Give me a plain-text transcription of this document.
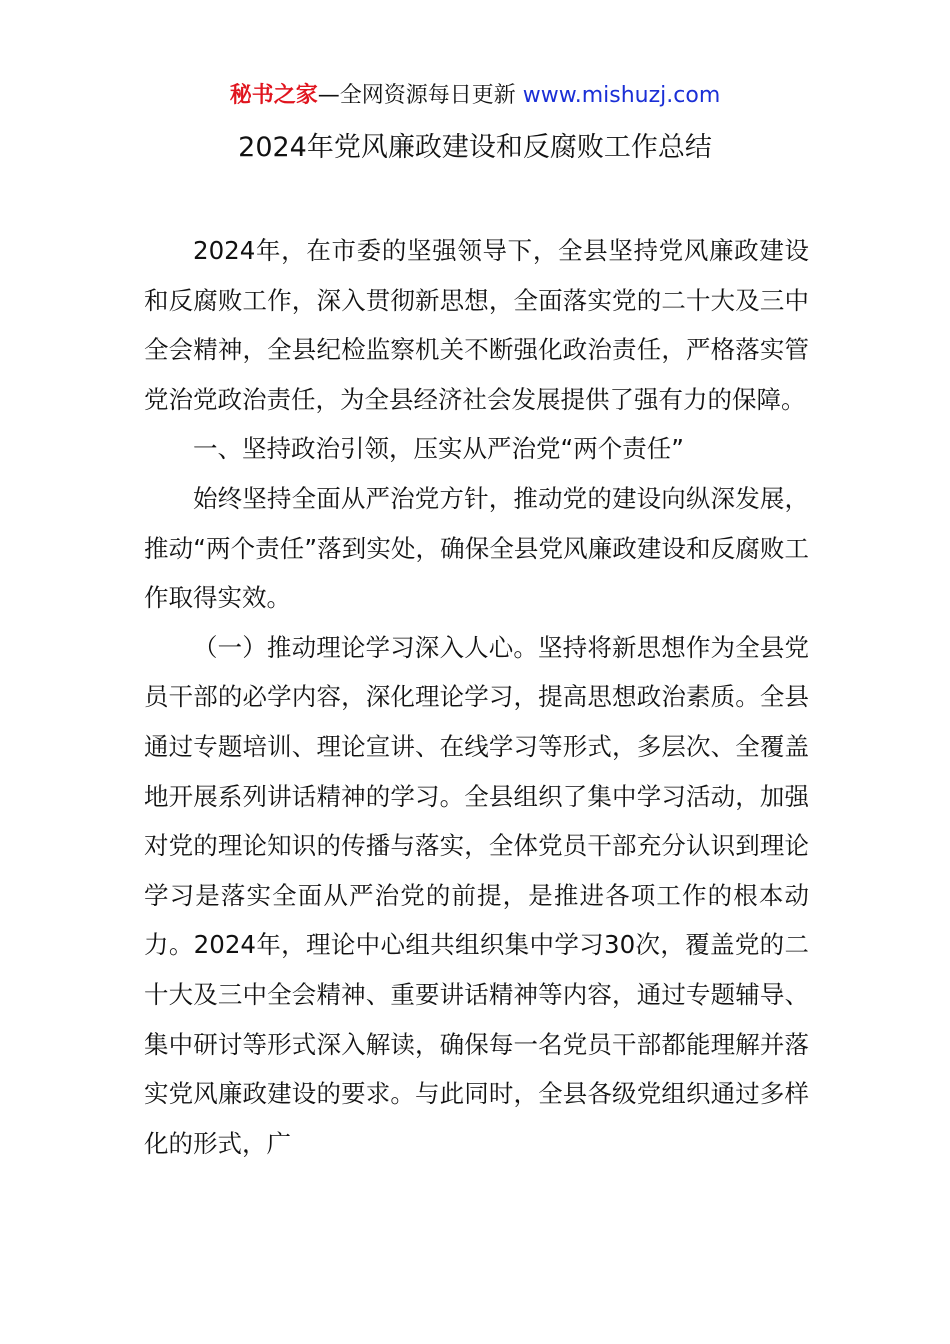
秘书之家—全网资源每日更新 www.mishuzj.com
2024年党风廉政建设和反腐败工作总结

2024年，在市委的坚强领导下，全县坚持党风廉政建设和反腐败工作，深入贯彻新思想，全面落实党的二十大及三中全会精神，全县纪检监察机关不断强化政治责任，严格落实管党治党政治责任，为全县经济社会发展提供了强有力的保障。

一、坚持政治引领，压实从严治党“两个责任”

始终坚持全面从严治党方针，推动党的建设向纵深发展，推动“两个责任”落到实处，确保全县党风廉政建设和反腐败工作取得实效。

（一）推动理论学习深入人心。坚持将新思想作为全县党员干部的必学内容，深化理论学习，提高思想政治素质。全县通过专题培训、理论宣讲、在线学习等形式，多层次、全覆盖地开展系列讲话精神的学习。全县组织了集中学习活动，加强对党的理论知识的传播与落实，全体党员干部充分认识到理论学习是落实全面从严治党的前提，是推进各项工作的根本动力。2024年，理论中心组共组织集中学习30次，覆盖党的二十大及三中全会精神、重要讲话精神等内容，通过专题辅导、集中研讨等形式深入解读，确保每一名党员干部都能理解并落实党风廉政建设的要求。与此同时，全县各级党组织通过多样化的形式，广
